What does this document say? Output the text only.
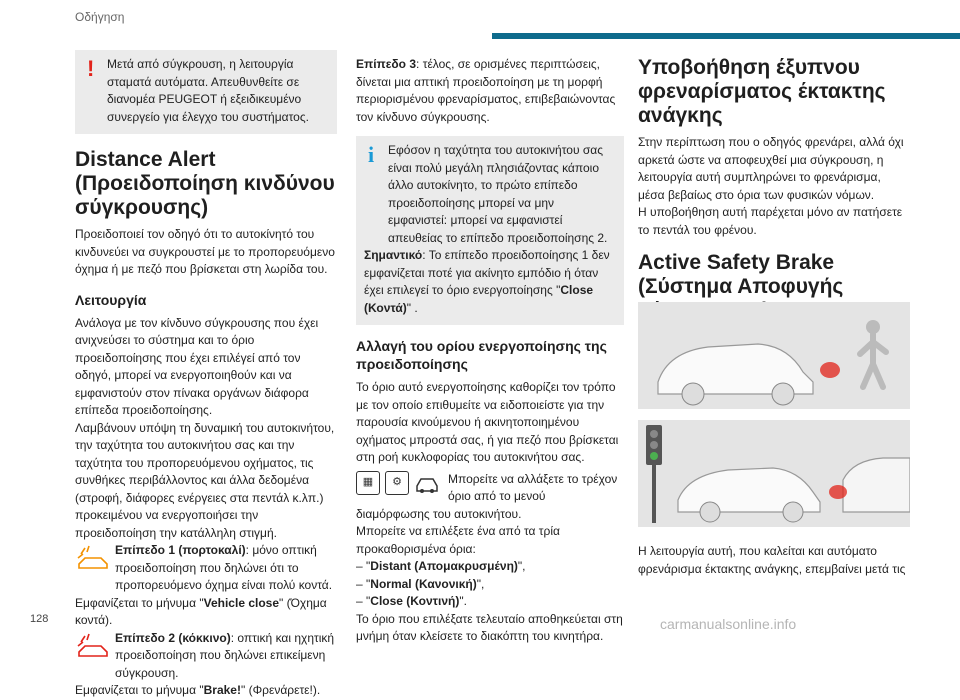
Οδήγηση
!	Μετά από σύγκρουση, η λειτουργία σταματά αυτόματα. Απευθυνθείτε σε διανομέα PEUGEOT ή εξειδικευμένο συνεργείο για έλεγχο του συστήματος.

Distance Alert (Προειδοποίηση κινδύνου σύγκρουσης)

Προειδοποιεί τον οδηγό ότι το αυτοκίνητό του κινδυνεύει να συγκρουστεί με το προπορευόμενο όχημα ή με πεζό που βρίσκεται στη λωρίδα του.

Λειτουργία

Ανάλογα με τον κίνδυνο σύγκρουσης που έχει ανιχνεύσει το σύστημα και το όριο προειδοποίησης που έχει επιλέγεί από τον οδηγό, μπορεί να ενεργοποιηθούν και να εμφανιστούν στον πίνακα οργάνων διάφορα επίπεδα προειδοποίησης.

Λαμβάνουν υπόψη τη δυναμική του αυτοκινήτου, την ταχύτητα του αυτοκινήτου σας και την ταχύτητα του προπορευόμενου οχήματος, τις συνθήκες περιβάλλοντος και άλλα δεδομένα (στροφή, διάφορες ενέργειες στα πεντάλ κ.λπ.) προκειμένου να ενεργοποιήσει την προειδοποίηση την κατάλληλη στιγμή.

Επίπεδο 1 (πορτοκαλί): μόνο οπτική προειδοποίηση που δηλώνει ότι το προπορευόμενο όχημα είναι πολύ κοντά.

Εμφανίζεται το μήνυμα "Vehicle close" (Όχημα κοντά).

Επίπεδο 2 (κόκκινο): οπτική και ηχητική προειδοποίηση που δηλώνει επικείμενη σύγκρουση.

Εμφανίζεται το μήνυμα "Brake!" (Φρενάρετε!).

Επίπεδο 3: τέλος, σε ορισμένες περιπτώσεις, δίνεται μια απτική προειδοποίηση με τη μορφή περιορισμένου φρεναρίσματος, επιβεβαιώνοντας τον κίνδυνο σύγκρουσης.

i	Εφόσον η ταχύτητα του αυτοκινήτου σας είναι πολύ μεγάλη πλησιάζοντας κάποιο άλλο αυτοκίνητο, το πρώτο επίπεδο προειδοποίησης μπορεί να μην εμφανιστεί: μπορεί να εμφανιστεί απευθείας το επίπεδο προειδοποίησης 2.

Σημαντικό: Το επίπεδο προειδοποίησης 1 δεν εμφανίζεται ποτέ για ακίνητο εμπόδιο ή όταν έχει επιλεγεί το όριο ενεργοποίησης "Close (Κοντά)" .

Αλλαγή του ορίου ενεργοποίησης της προειδοποίησης

Το όριο αυτό ενεργοποίησης καθορίζει τον τρόπο με τον οποίο επιθυμείτε να ειδοποιείστε για την παρουσία κινούμενου ή ακινητοποιημένου οχήματος μπροστά σας, ή για πεζό που βρίσκεται στη ροή κυκλοφορίας του αυτοκινήτου σας.

▦	⚙	Μπορείτε να αλλάξετε το τρέχον όριο από το μενού

διαμόρφωσης του αυτοκινήτου.

Μπορείτε να επιλέξετε ένα από τα τρία προκαθορισμένα όρια:

– "Distant (Απομακρυσμένη)",

– "Normal (Κανονική)",

– "Close (Κοντινή)".

Το όριο που επιλέξατε τελευταίο αποθηκεύεται στη μνήμη όταν κλείσετε το διακόπτη του κινητήρα.

Υποβοήθηση έξυπνου φρεναρίσματος έκτακτης ανάγκης

Στην περίπτωση που ο οδηγός φρενάρει, αλλά όχι αρκετά ώστε να αποφευχθεί μια σύγκρουση, η λειτουργία αυτή συμπληρώνει το φρενάρισμα, μέσα βεβαίως στο όρια των φυσικών νόμων.

Η υποβοήθηση αυτή παρέχεται μόνο αν πατήσετε το πεντάλ του φρένου.

Active Safety Brake (Σύστημα Αποφυγής

Η λειτουργία αυτή, που καλείται και αυτόματο φρενάρισμα έκτακτης ανάγκης, επεμβαίνει μετά τις

128	carmanualsonline.info
